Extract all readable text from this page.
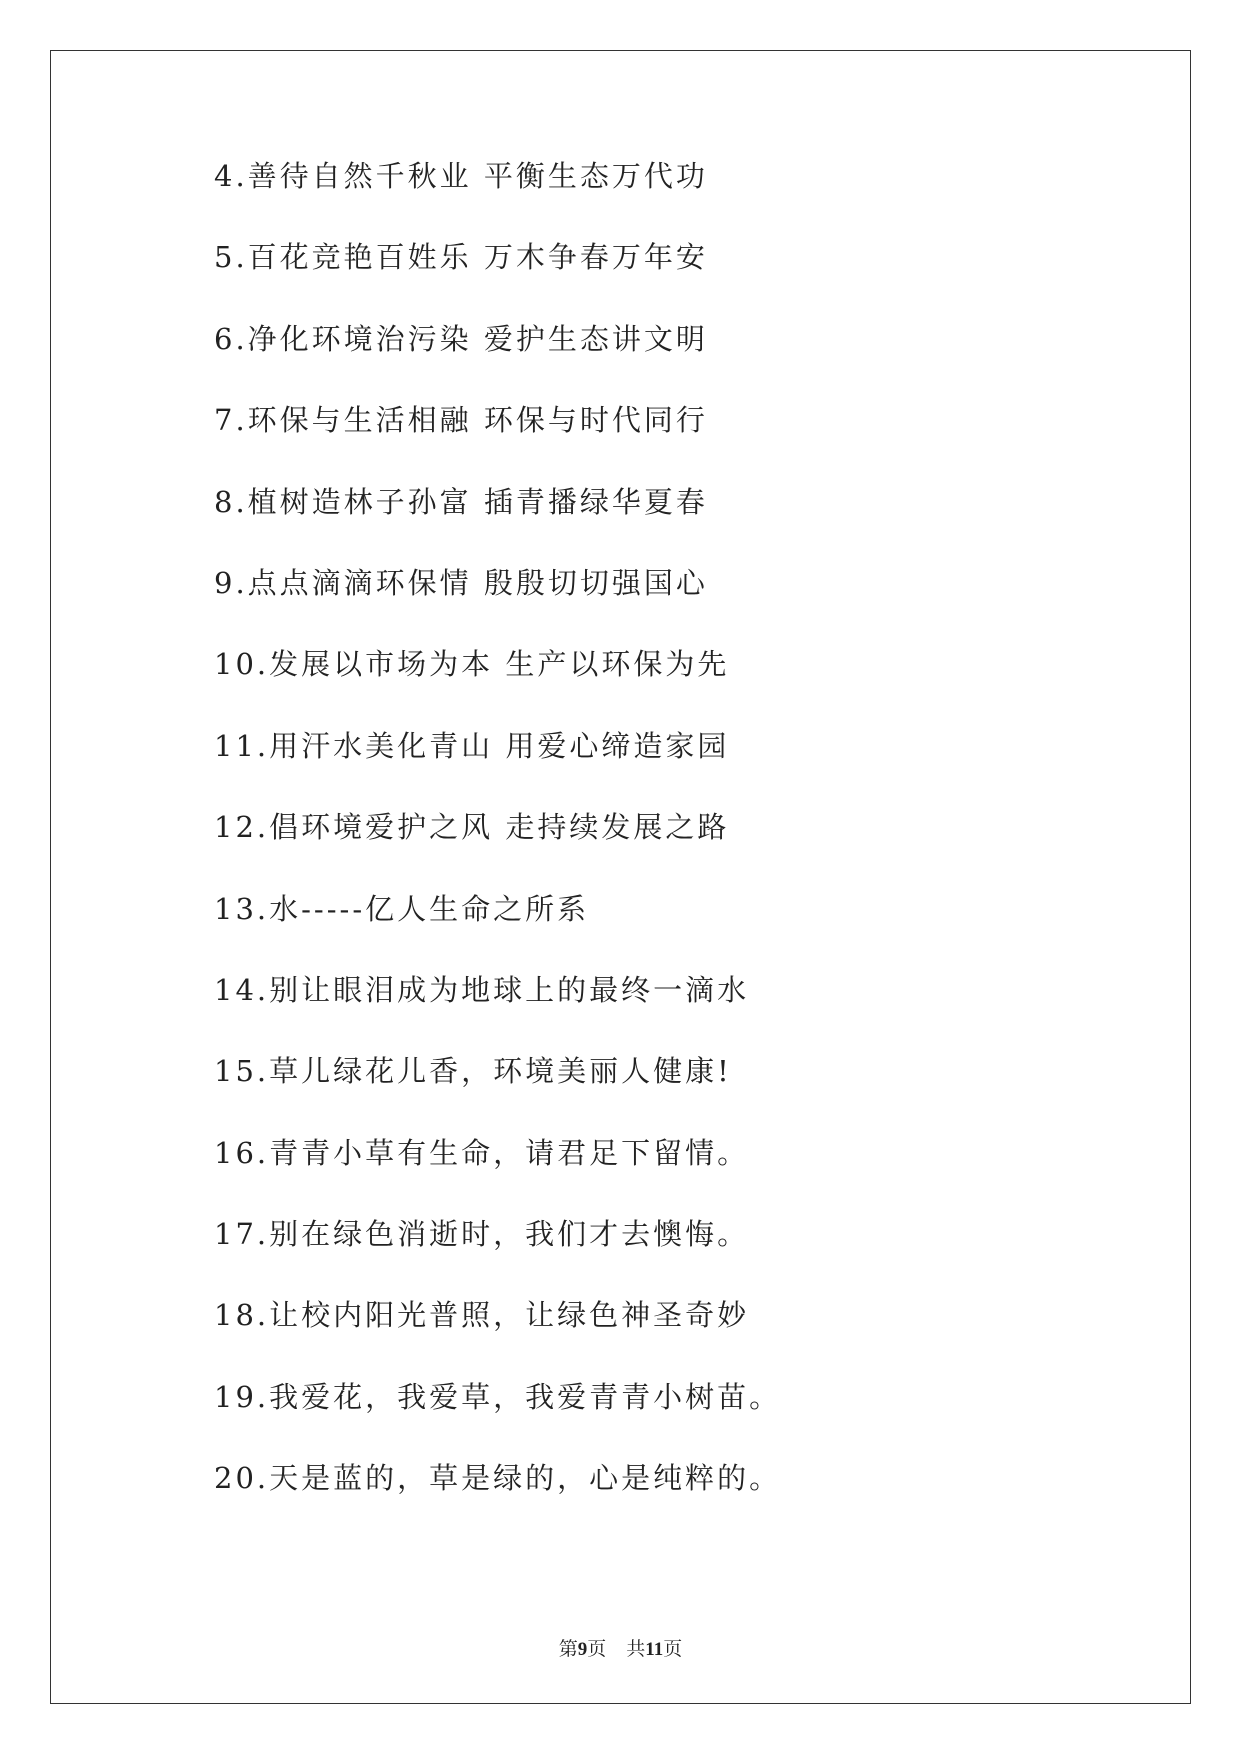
4.善待自然千秋业 平衡生态万代功
5.百花竞艳百姓乐 万木争春万年安
6.净化环境治污染 爱护生态讲文明
7.环保与生活相融 环保与时代同行
8.植树造林子孙富 插青播绿华夏春
9.点点滴滴环保情 殷殷切切强国心
10.发展以市场为本 生产以环保为先
11.用汗水美化青山 用爱心缔造家园
12.倡环境爱护之风 走持续发展之路
13.水-----亿人生命之所系
14.别让眼泪成为地球上的最终一滴水
15.草儿绿花儿香，环境美丽人健康!
16.青青小草有生命，请君足下留情。
17.别在绿色消逝时，我们才去懊悔。
18.让校内阳光普照，让绿色神圣奇妙
19.我爱花，我爱草，我爱青青小树苗。
20.天是蓝的，草是绿的，心是纯粹的。
第9页 共11页
